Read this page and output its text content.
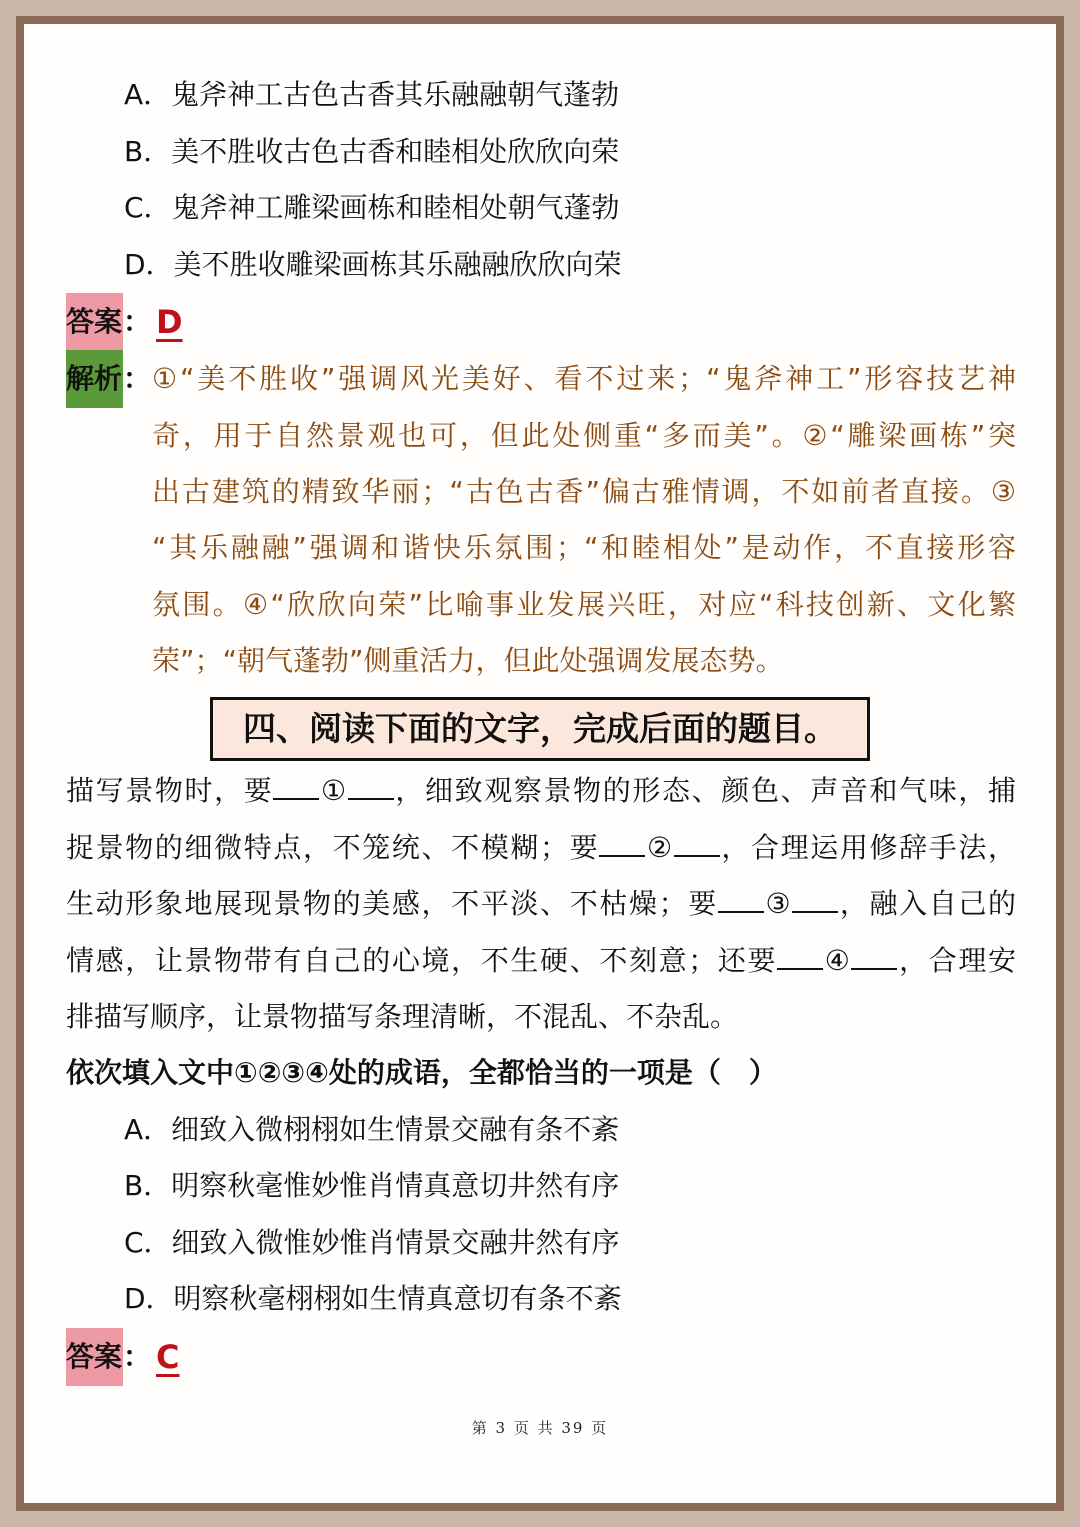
A．鬼斧神工古色古香其乐融融朝气蓬勃
B．美不胜收古色古香和睦相处欣欣向荣
C．鬼斧神工雕梁画栋和睦相处朝气蓬勃
D．美不胜收雕梁画栋其乐融融欣欣向荣
答案 ： D
解析 ： ①“美不胜收”强调风光美好、看不过来；“鬼斧神工”形容技艺神
奇，用于自然景观也可，但此处侧重“多而美”。②“雕梁画栋”突
出古建筑的精致华丽；“古色古香”偏古雅情调，不如前者直接。③
“其乐融融”强调和谐快乐氛围；“和睦相处”是动作，不直接形容
氛围。④“欣欣向荣”比喻事业发展兴旺，对应“科技创新、文化繁
荣”；“朝气蓬勃”侧重活力，但此处强调发展态势。
四、阅读下面的文字，完成后面的题目。
描写景物时，要 ① ，细致观察景物的形态、颜色、声音和气味，捕
捉景物的细微特点，不笼统、不模糊；要 ② ，合理运用修辞手法，
生动形象地展现景物的美感，不平淡、不枯燥；要 ③ ，融入自己的
情感，让景物带有自己的心境，不生硬、不刻意；还要 ④ ，合理安
排描写顺序，让景物描写条理清晰，不混乱、不杂乱。
依次填入文中①②③④处的成语，全都恰当的一项是（　）
A．细致入微栩栩如生情景交融有条不紊
B．明察秋毫惟妙惟肖情真意切井然有序
C．细致入微惟妙惟肖情景交融井然有序
D．明察秋毫栩栩如生情真意切有条不紊
答案 ： C
第 3 页 共 39 页
